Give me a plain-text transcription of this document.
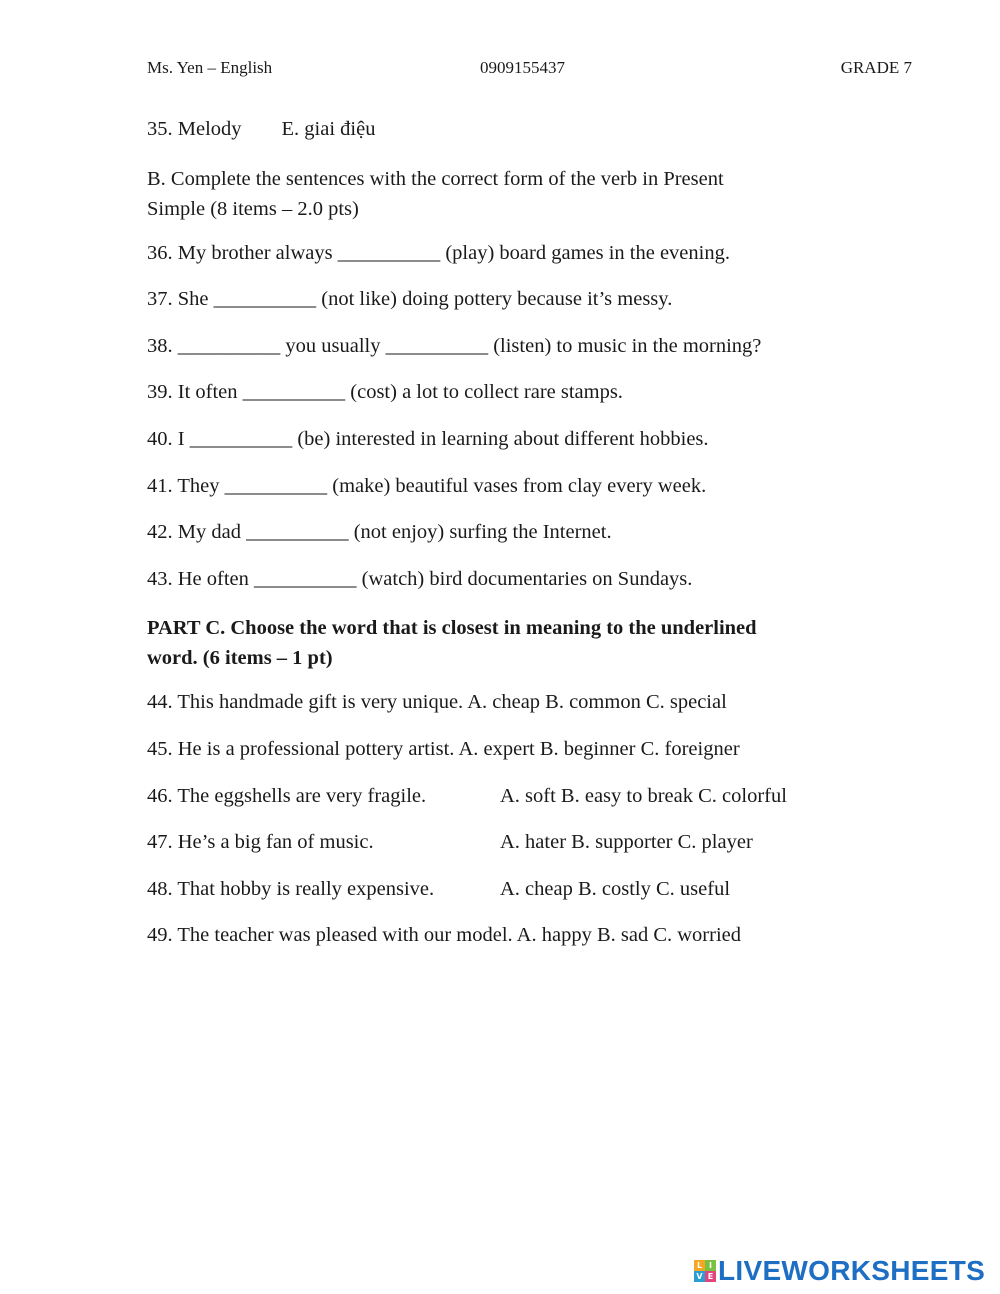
Ms. Yen – English	0909155437	GRADE 7
35. Melody E. giai điệu
B. Complete the sentences with the correct form of the verb in Present
Simple (8 items – 2.0 pts)
36. My brother always __________ (play) board games in the evening.
37. She __________ (not like) doing pottery because it’s messy.
38. __________ you usually __________ (listen) to music in the morning?
39. It often __________ (cost) a lot to collect rare stamps.
40. I __________ (be) interested in learning about different hobbies.
41. They __________ (make) beautiful vases from clay every week.
42. My dad __________ (not enjoy) surfing the Internet.
43. He often __________ (watch) bird documentaries on Sundays.
PART C. Choose the word that is closest in meaning to the underlined
word. (6 items – 1 pt)
44. This handmade gift is very unique. A. cheap B. common C. special
45. He is a professional pottery artist. A. expert B. beginner C. foreigner
46. The eggshells are very fragile.	A. soft B. easy to break C. colorful
47. He’s a big fan of music.	A. hater B. supporter C. player
48. That hobby is really expensive.	A. cheap B. costly C. useful
49. The teacher was pleased with our model. A. happy B. sad C. worried
L I
V E LIVEWORKSHEETS
